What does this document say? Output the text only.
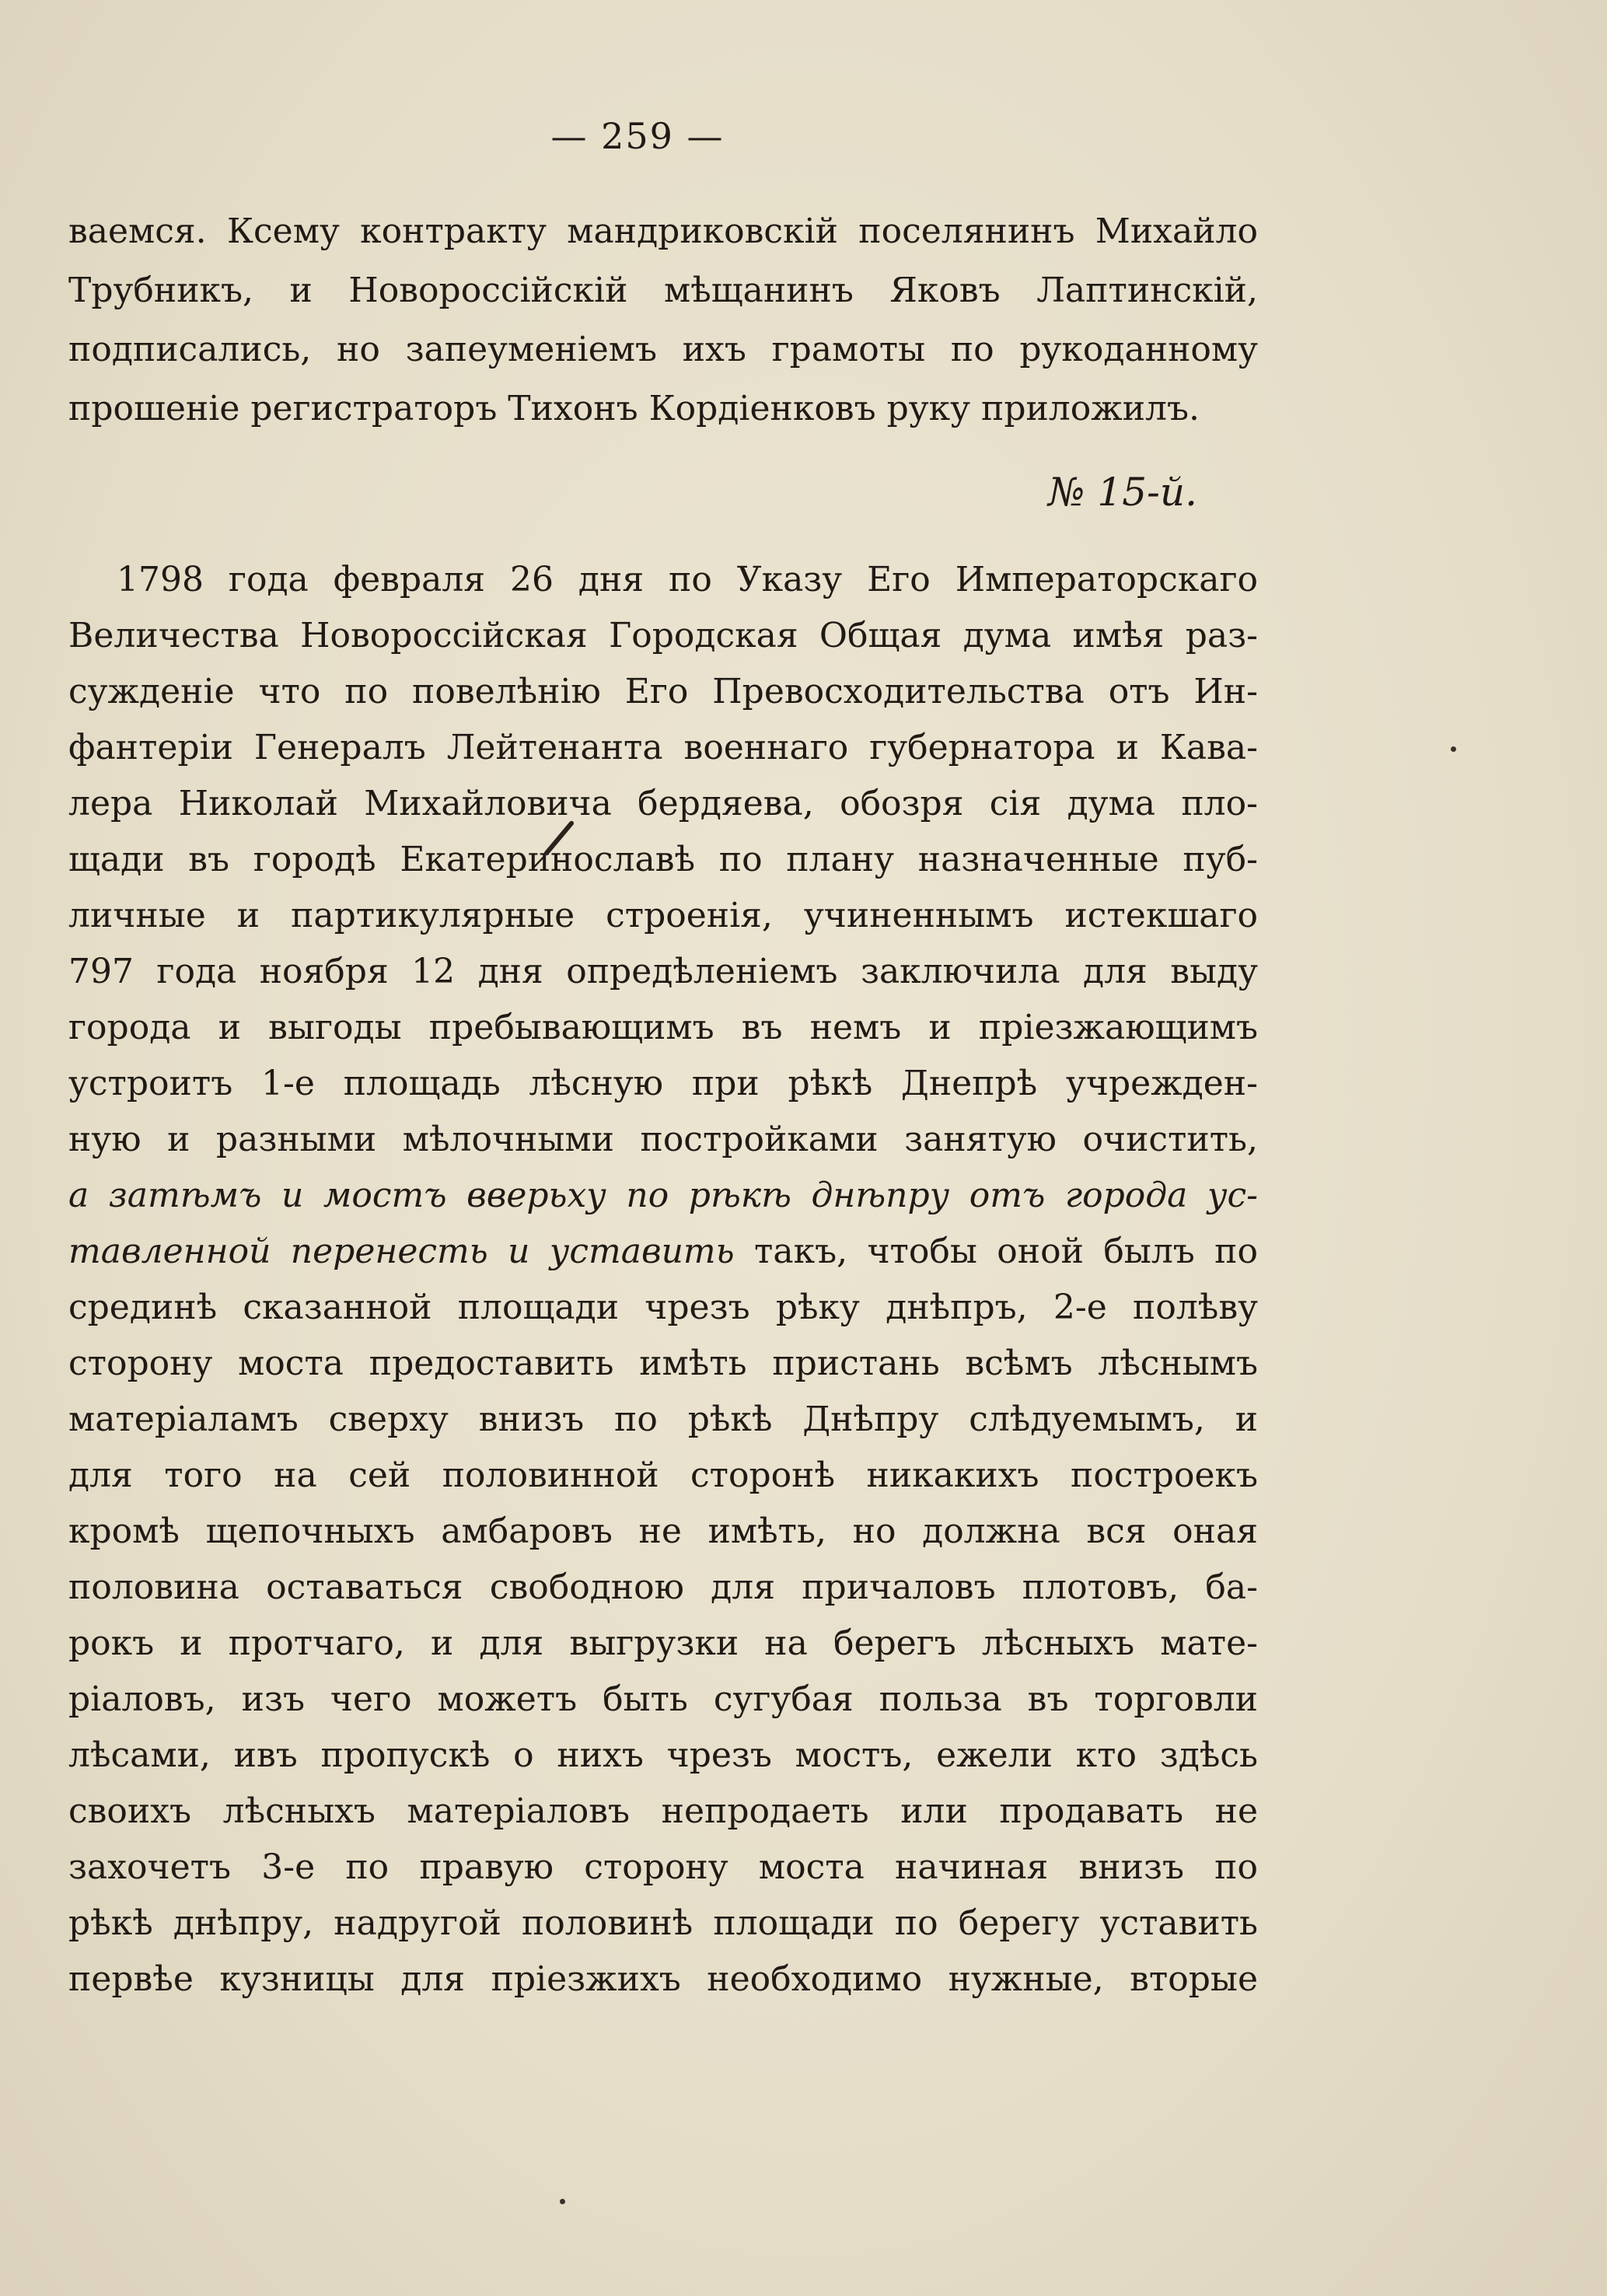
— 259 —
ваемся. Ксему контракту мандриковскій поселянинъ Михайло
Трубникъ, и Новороссійскій мѣщанинъ Яковъ Лаптинскій,
подписались, но запеуменіемъ ихъ грамоты по рукоданному
прошеніе регистраторъ Тихонъ Кордіенковъ руку приложилъ.
№ 15-й.
1798 года февраля 26 дня по Указу Его Императорскаго
Величества Новороссійская Городская Общая дума имѣя раз-
сужденіе что по повелѣнію Его Превосходительства отъ Ин-
фантеріи Генералъ Лейтенанта военнаго губернатора и Кава-
лера Николай Михайловича бердяева, обозря сія дума пло-
щади въ городѣ Екатеринославѣ по плану назначенные пуб-
личные и партикулярные строенія, учиненнымъ истекшаго
797 года ноября 12 дня опредѣленіемъ заключила для выду
города и выгоды пребывающимъ въ немъ и пріезжающимъ
устроитъ 1-е площадь лѣсную при рѣкѣ Днепрѣ учрежден-
ную и разными мѣлочными постройками занятую очистить,
а затѣмъ и мостъ вверьху по рѣкѣ днѣпру отъ города ус-
тавленной перенесть и уставить такъ, чтобы оной былъ по
срединѣ сказанной площади чрезъ рѣку днѣпръ, 2-е полѣву
сторону моста предоставить имѣть пристань всѣмъ лѣснымъ
матеріаламъ сверху внизъ по рѣкѣ Днѣпру слѣдуемымъ, и
для того на сей половинной сторонѣ никакихъ построекъ
кромѣ щепочныхъ амбаровъ не имѣть, но должна вся оная
половина оставаться свободною для причаловъ плотовъ, ба-
рокъ и протчаго, и для выгрузки на берегъ лѣсныхъ мате-
ріаловъ, изъ чего можетъ быть сугубая польза въ торговли
лѣсами, ивъ пропускѣ о нихъ чрезъ мостъ, ежели кто здѣсь
своихъ лѣсныхъ матеріаловъ непродаеть или продавать не
захочетъ 3-е по правую сторону моста начиная внизъ по
рѣкѣ днѣпру, надругой половинѣ площади по берегу уставить
первѣе кузницы для пріезжихъ необходимо нужные, вторые
